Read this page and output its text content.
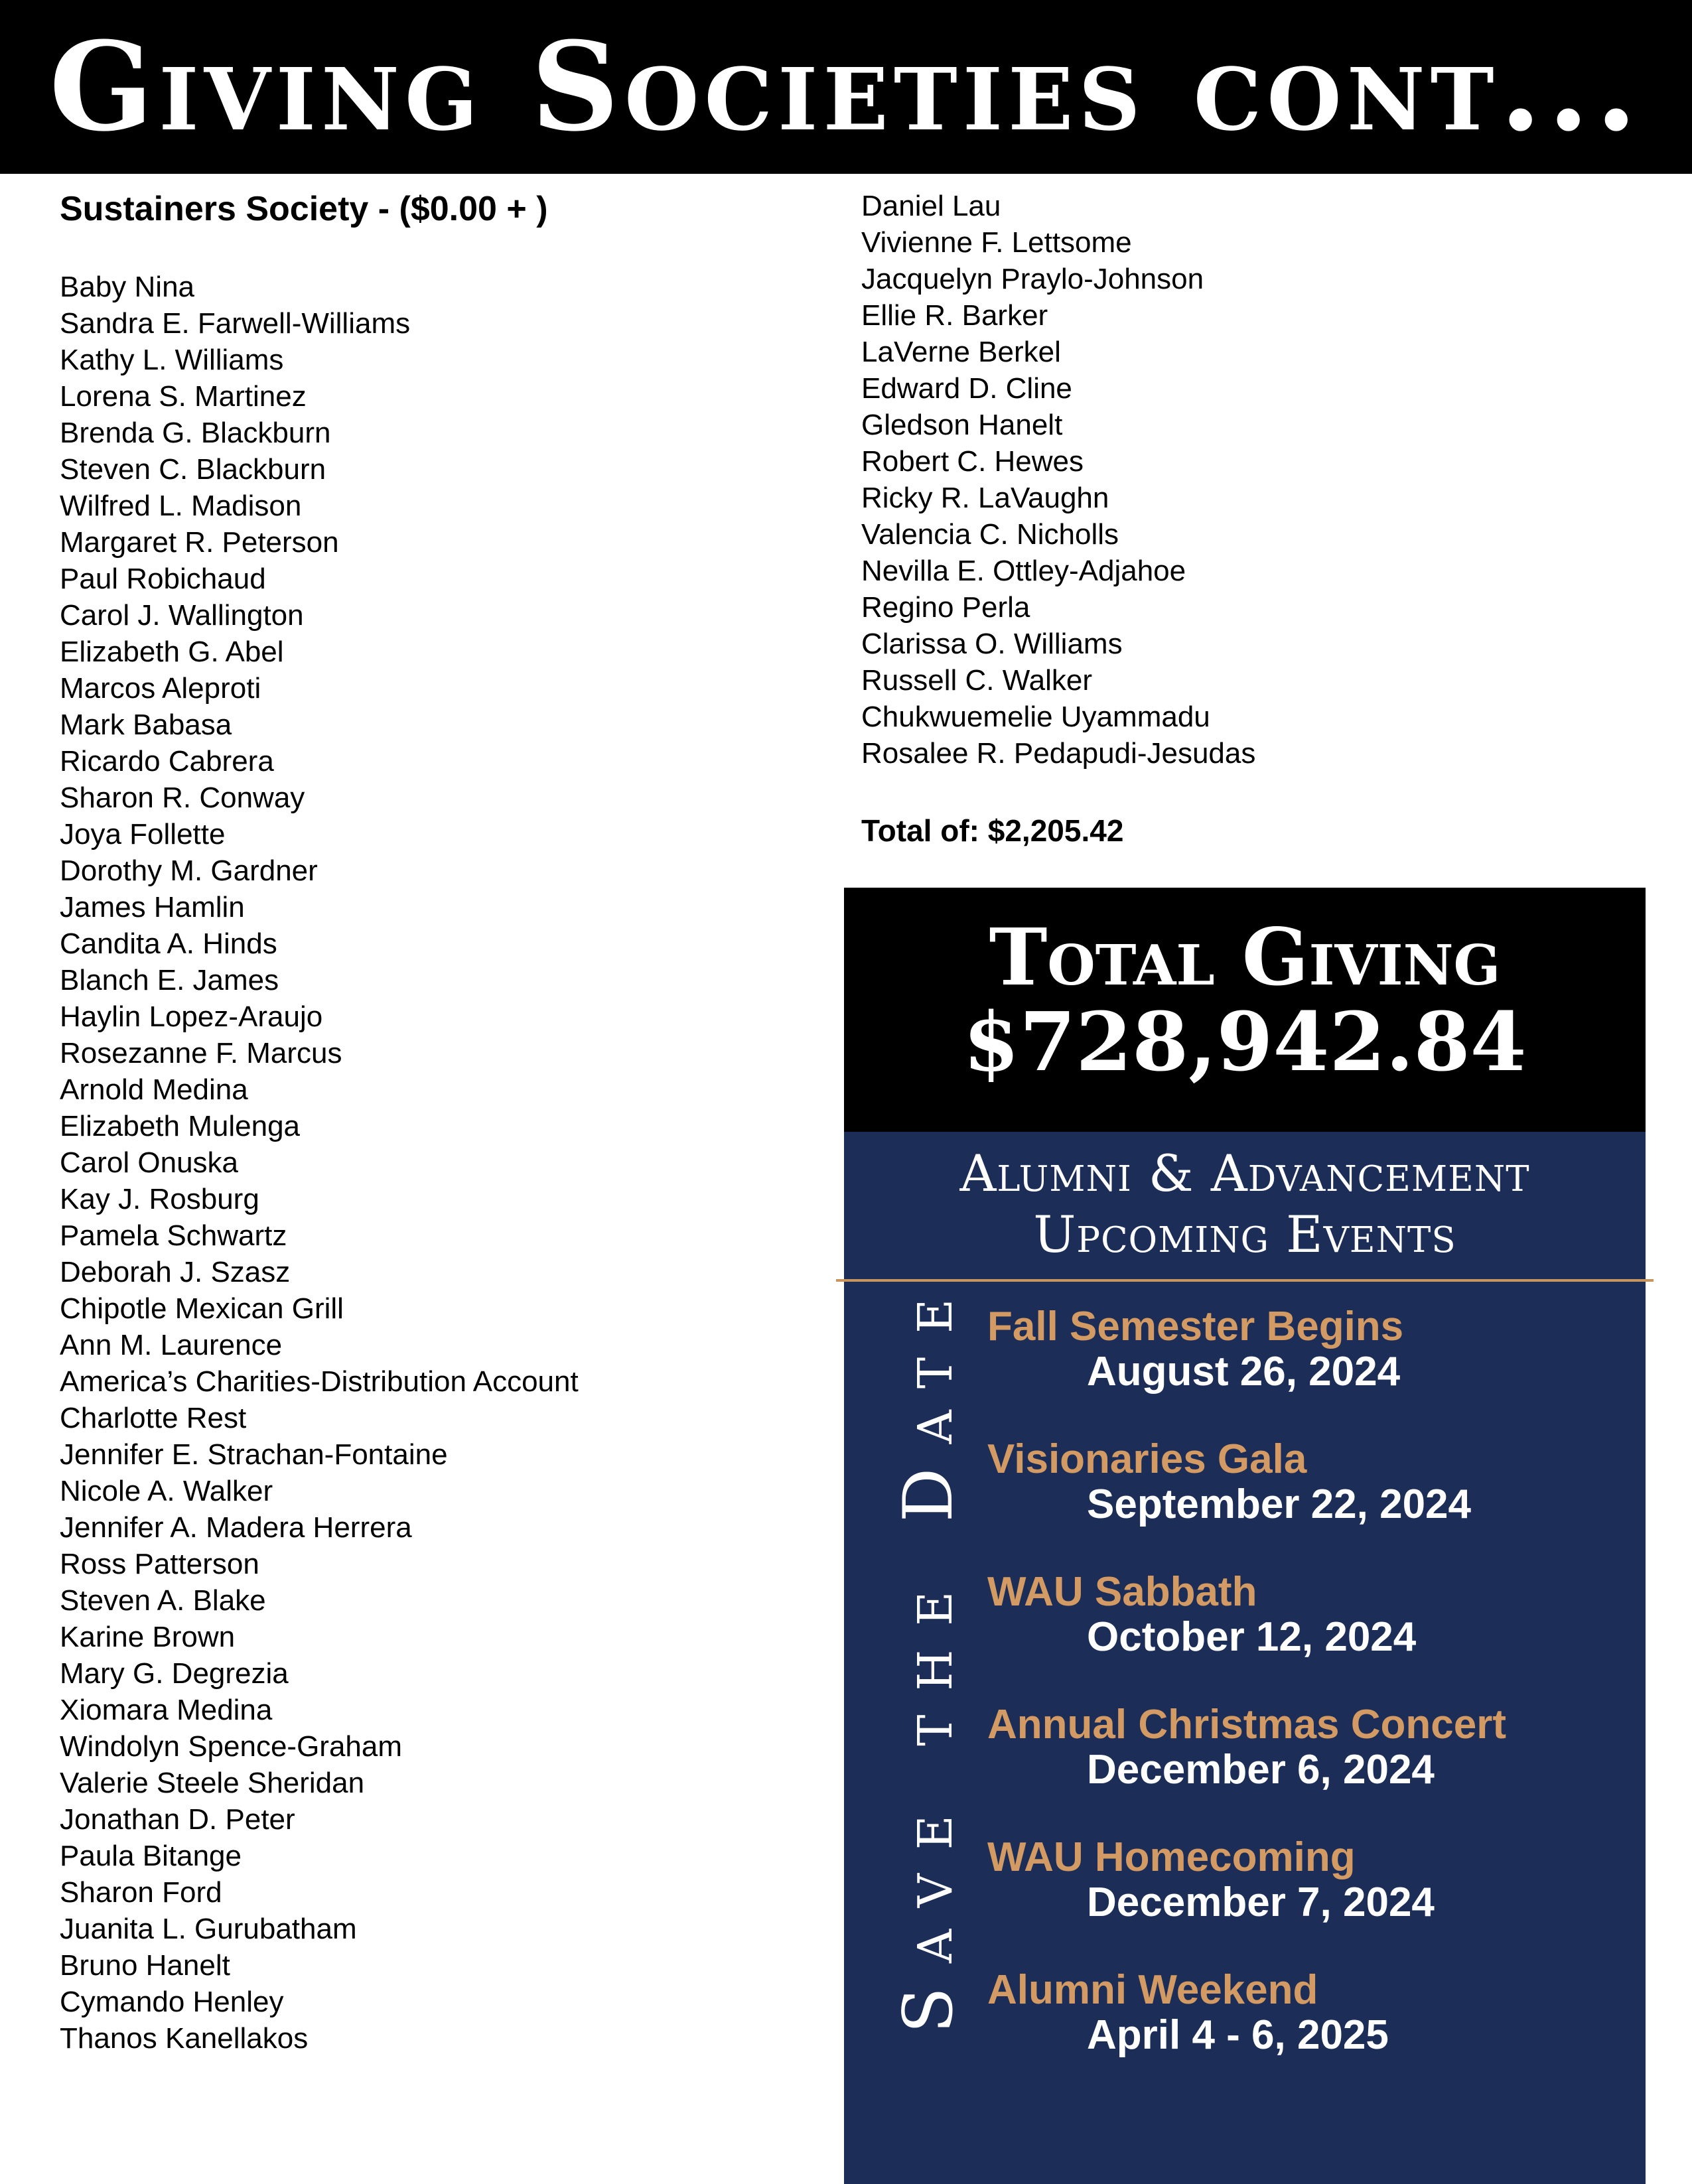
Giving Societies cont...
Sustainers Society - ($0.00 + )
Baby Nina
Sandra E. Farwell-Williams
Kathy L. Williams
Lorena S. Martinez
Brenda G. Blackburn
Steven C. Blackburn
Wilfred L. Madison
Margaret R. Peterson
Paul Robichaud
Carol J. Wallington
Elizabeth G. Abel
Marcos Aleproti
Mark Babasa
Ricardo Cabrera
Sharon R. Conway
Joya Follette
Dorothy M. Gardner
James Hamlin
Candita A. Hinds
Blanch E. James
Haylin Lopez-Araujo
Rosezanne F. Marcus
Arnold Medina
Elizabeth Mulenga
Carol Onuska
Kay J. Rosburg
Pamela Schwartz
Deborah J. Szasz
Chipotle Mexican Grill
Ann M. Laurence
America’s Charities-Distribution Account
Charlotte Rest
Jennifer E. Strachan-Fontaine
Nicole A. Walker
Jennifer A. Madera Herrera
Ross Patterson
Steven A. Blake
Karine Brown
Mary G. Degrezia
Xiomara Medina
Windolyn Spence-Graham
Valerie Steele Sheridan
Jonathan D. Peter
Paula Bitange
Sharon Ford
Juanita L. Gurubatham
Bruno Hanelt
Cymando Henley
Thanos Kanellakos
Daniel Lau
Vivienne F. Lettsome
Jacquelyn Praylo-Johnson
Ellie R. Barker
LaVerne Berkel
Edward D. Cline
Gledson Hanelt
Robert C. Hewes
Ricky R. LaVaughn
Valencia C. Nicholls
Nevilla E. Ottley-Adjahoe
Regino Perla
Clarissa O. Williams
Russell C. Walker
Chukwuemelie Uyammadu
Rosalee R. Pedapudi-Jesudas
Total of: $2,205.42
Total Giving
$728,942.84
Alumni & Advancement
Upcoming Events
Save the Date Fall Semester Begins
August 26, 2024
Visionaries Gala
September 22, 2024
WAU Sabbath
October 12, 2024
Annual Christmas Concert
December 6, 2024
WAU Homecoming
December 7, 2024
Alumni Weekend
April 4 - 6, 2025
